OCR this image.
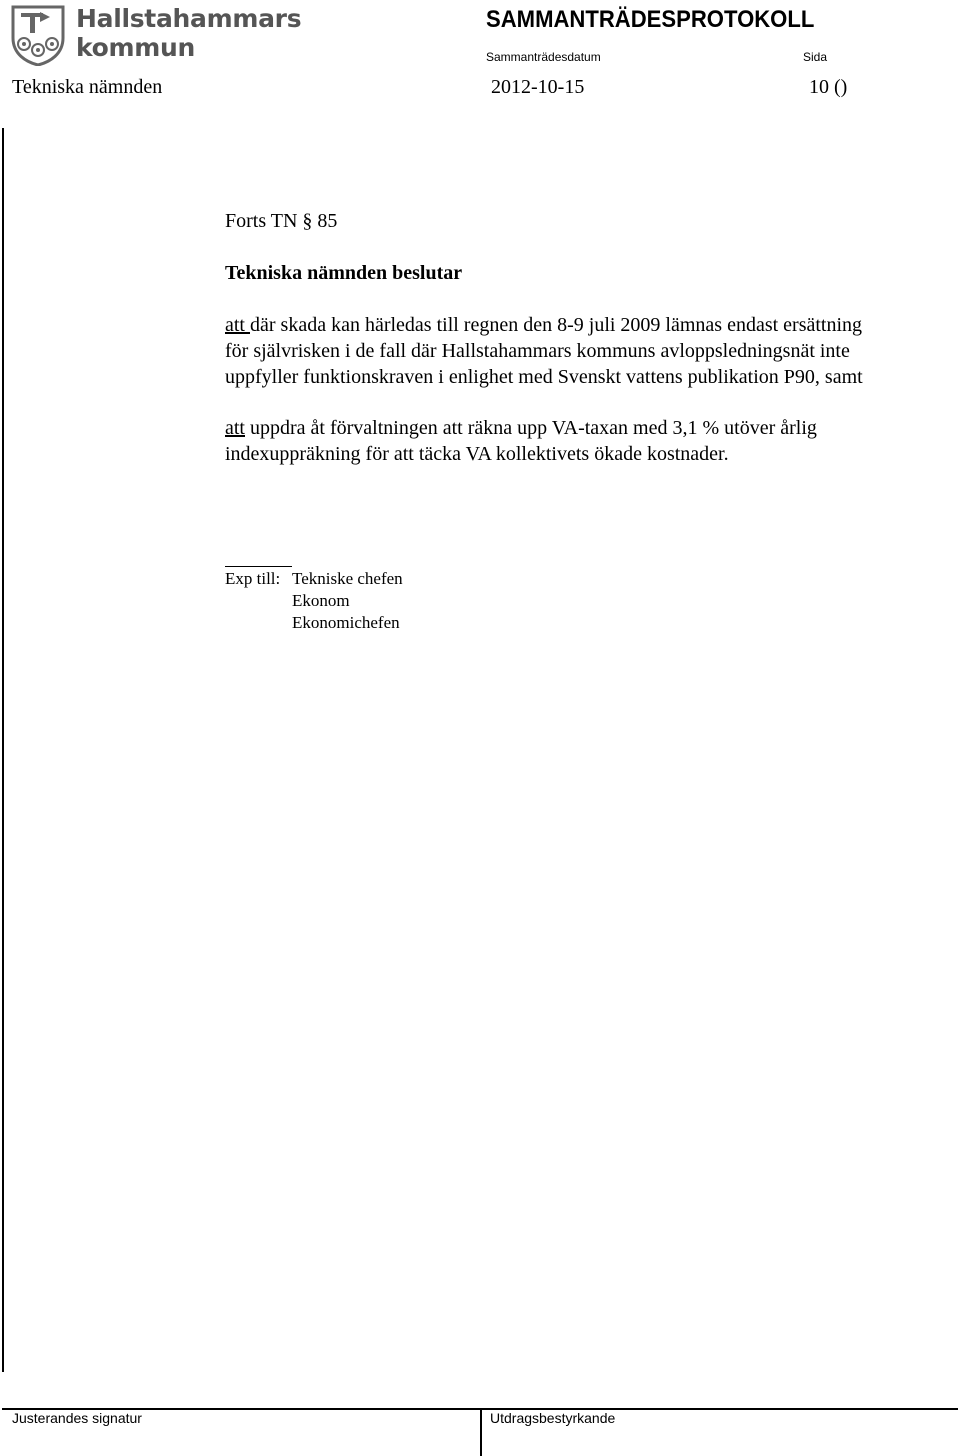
Hallstahammars
kommun
SAMMANTRÄDESPROTOKOLL
Sammanträdesdatum	Sida
Tekniska nämnden	2012-10-15	10 ()
Forts TN § 85
Tekniska nämnden beslutar
att där skada kan härledas till regnen den 8-9 juli 2009 lämnas endast ersättning
för självrisken i de fall där Hallstahammars kommuns avloppsledningsnät inte
uppfyller funktionskraven i enlighet med Svenskt vattens publikation P90, samt
att uppdra åt förvaltningen att räkna upp VA-taxan med 3,1 % utöver årlig
indexuppräkning för att täcka VA kollektivets ökade kostnader.
Exp till: Tekniske chefen
Ekonom
Ekonomichefen
Justerandes signatur	Utdragsbestyrkande
